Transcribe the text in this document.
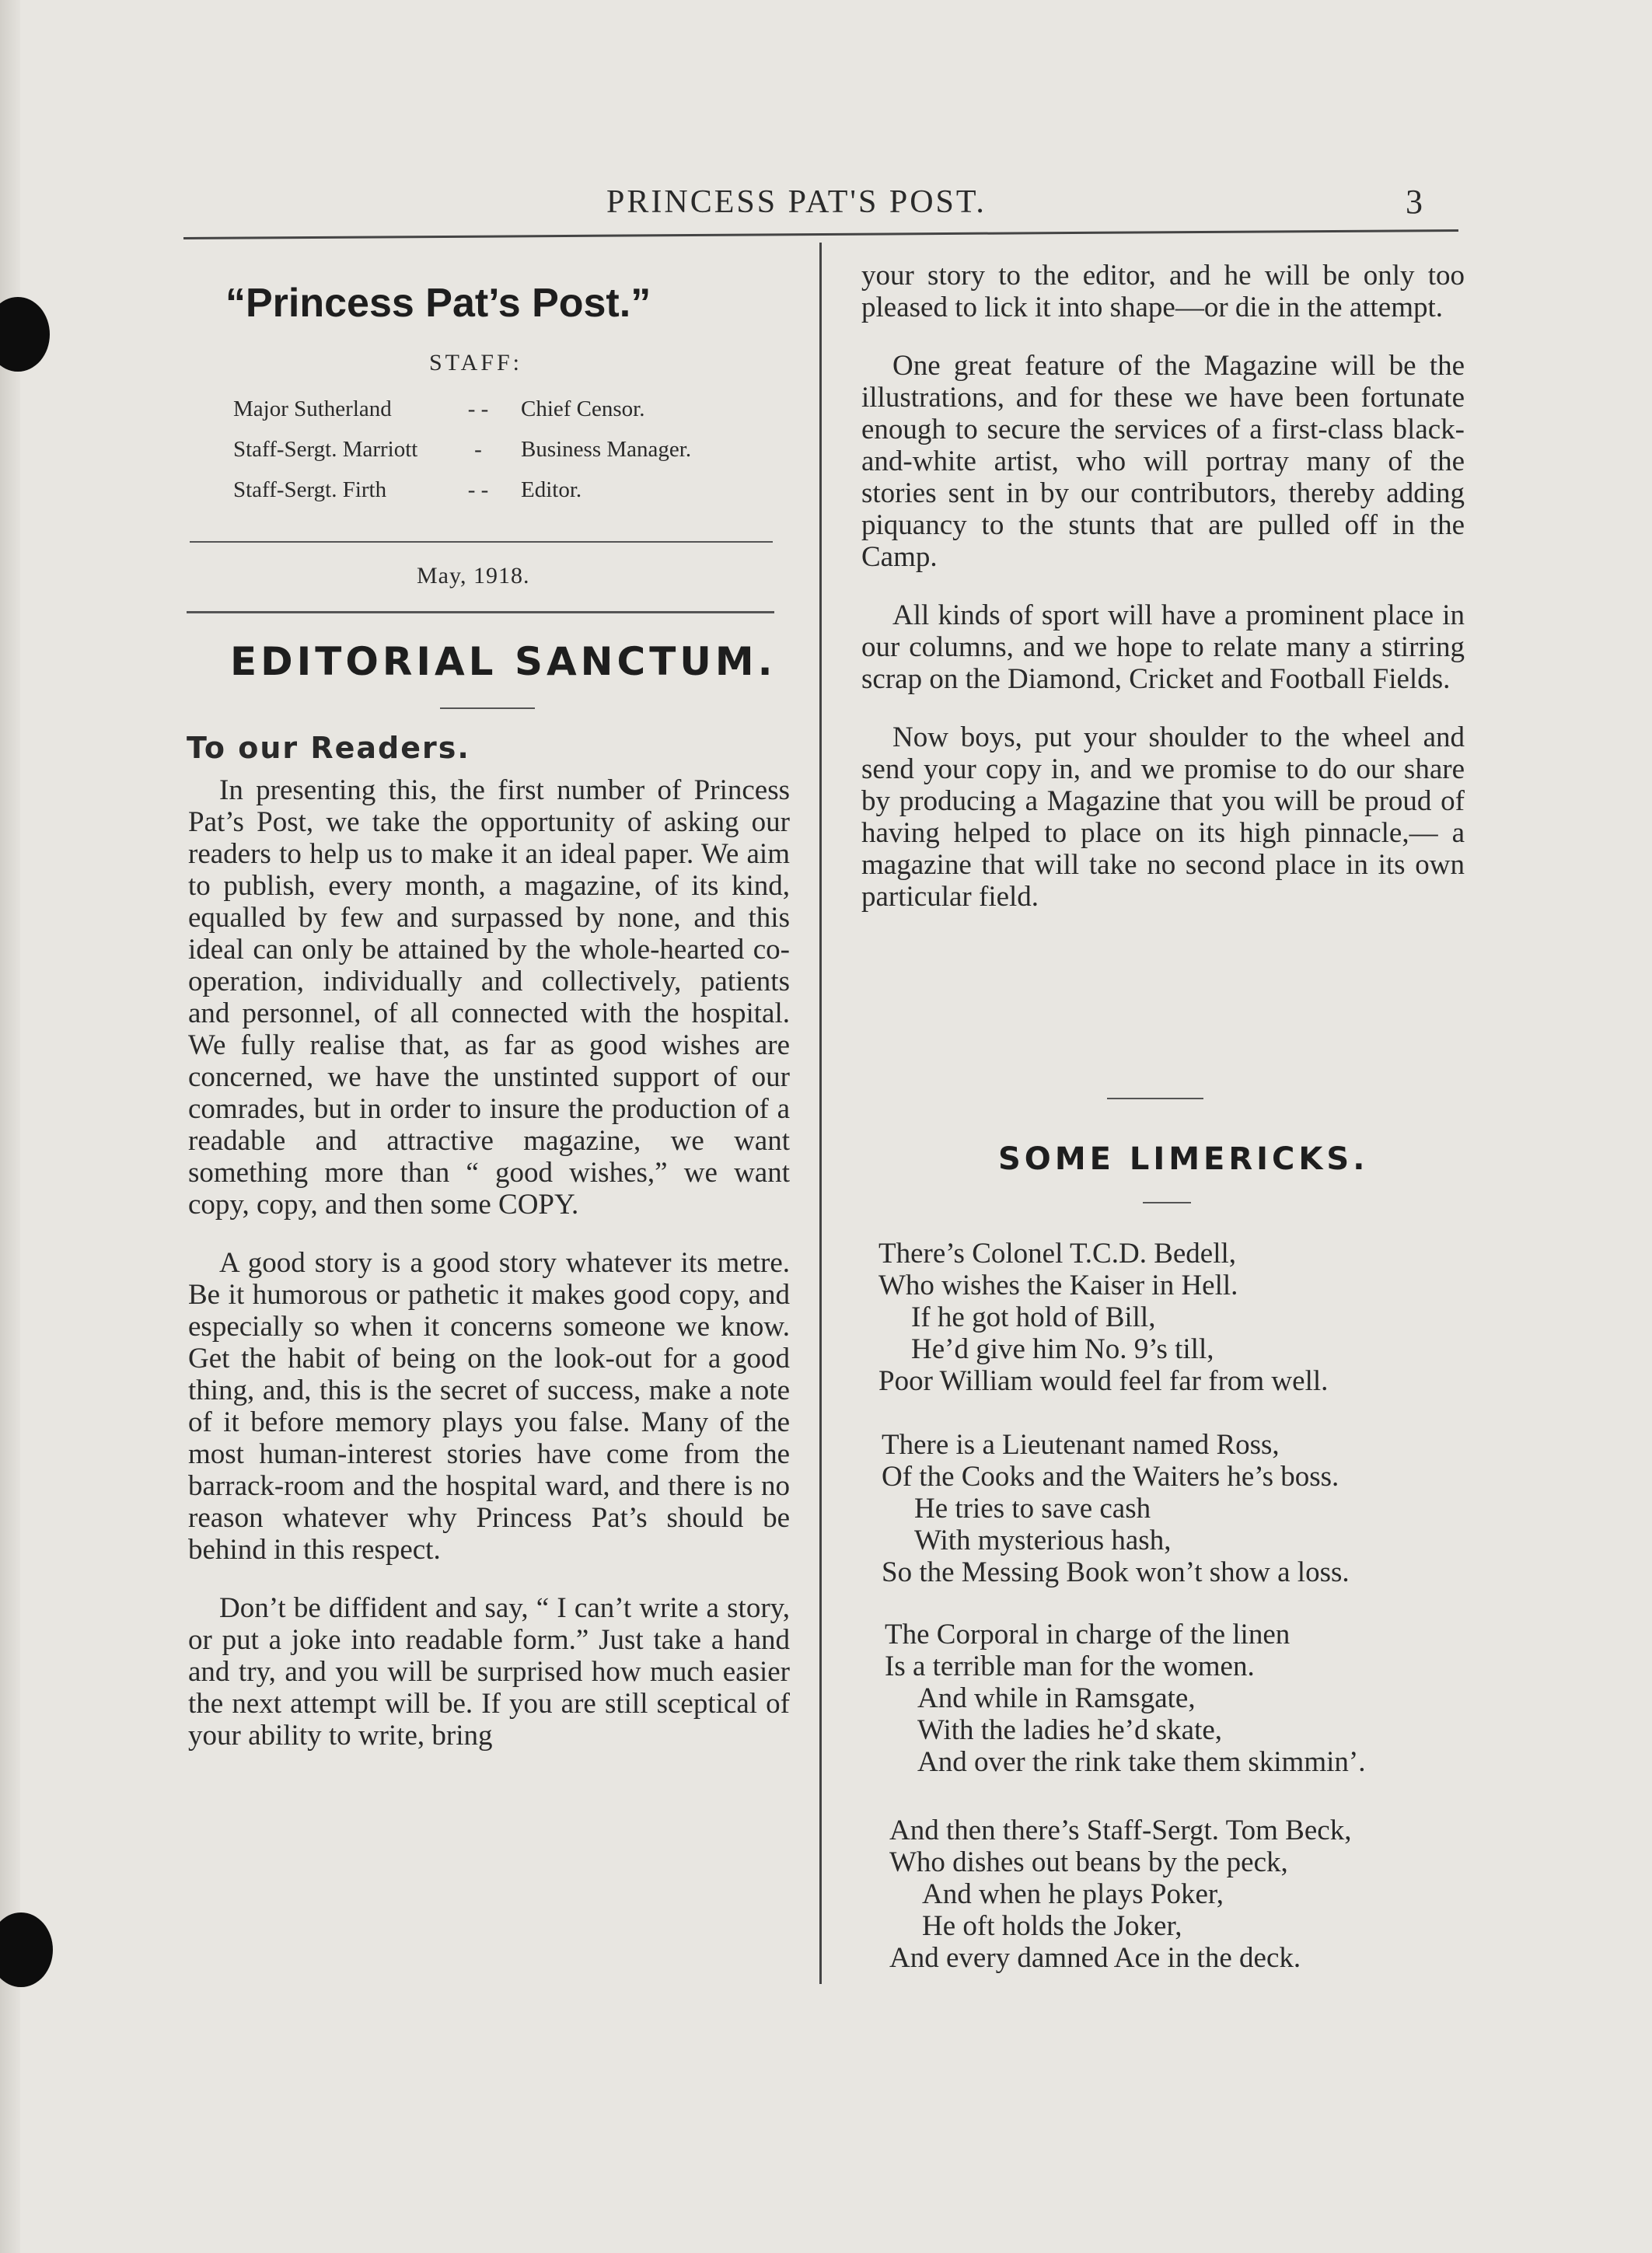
PRINCESS PAT'S POST.	3
“Princess Pat’s Post.”
STAFF:
Major Sutherland	- - Chief Censor.
Staff-Sergt. Marriott	- Business Manager.
Staff-Sergt. Firth	- - Editor.
May, 1918.
EDITORIAL SANCTUM.
To our Readers.

In presenting this, the first number of Princess Pat’s Post, we take the opportunity of asking our readers to help us to make it an ideal paper. We aim to publish, every month, a magazine, of its kind, equalled by few and surpassed by none, and this ideal can only be attained by the whole-hearted co-operation, individually and collectively, patients and personnel, of all connected with the hospital. We fully realise that, as far as good wishes are concerned, we have the unstinted support of our comrades, but in order to insure the production of a readable and attractive magazine, we want something more than “ good wishes,” we want copy, copy, and then some COPY.

A good story is a good story whatever its metre. Be it humorous or pathetic it makes good copy, and especially so when it concerns someone we know. Get the habit of being on the look-out for a good thing, and, this is the secret of success, make a note of it before memory plays you false. Many of the most human-interest stories have come from the barrack-room and the hospital ward, and there is no reason whatever why Princess Pat’s should be behind in this respect.

Don’t be diffident and say, “ I can’t write a story, or put a joke into readable form.” Just take a hand and try, and you will be surprised how much easier the next attempt will be. If you are still sceptical of your ability to write, bring

your story to the editor, and he will be only too pleased to lick it into shape—or die in the attempt.

One great feature of the Magazine will be the illustrations, and for these we have been fortunate enough to secure the services of a first-class black-and-white artist, who will portray many of the stories sent in by our contributors, thereby adding piquancy to the stunts that are pulled off in the Camp.

All kinds of sport will have a prominent place in our columns, and we hope to relate many a stirring scrap on the Diamond, Cricket and Football Fields.

Now boys, put your shoulder to the wheel and send your copy in, and we promise to do our share by producing a Magazine that you will be proud of having helped to place on its high pinnacle,— a magazine that will take no second place in its own particular field.

SOME LIMERICKS.
There’s Colonel T.C.D. Bedell,
Who wishes the Kaiser in Hell.
If he got hold of Bill,
He’d give him No. 9’s till,
Poor William would feel far from well.
There is a Lieutenant named Ross,
Of the Cooks and the Waiters he’s boss.
He tries to save cash
With mysterious hash,
So the Messing Book won’t show a loss.
The Corporal in charge of the linen
Is a terrible man for the women.
And while in Ramsgate,
With the ladies he’d skate,
And over the rink take them skimmin’.
And then there’s Staff-Sergt. Tom Beck,
Who dishes out beans by the peck,
And when he plays Poker,
He oft holds the Joker,
And every damned Ace in the deck.
